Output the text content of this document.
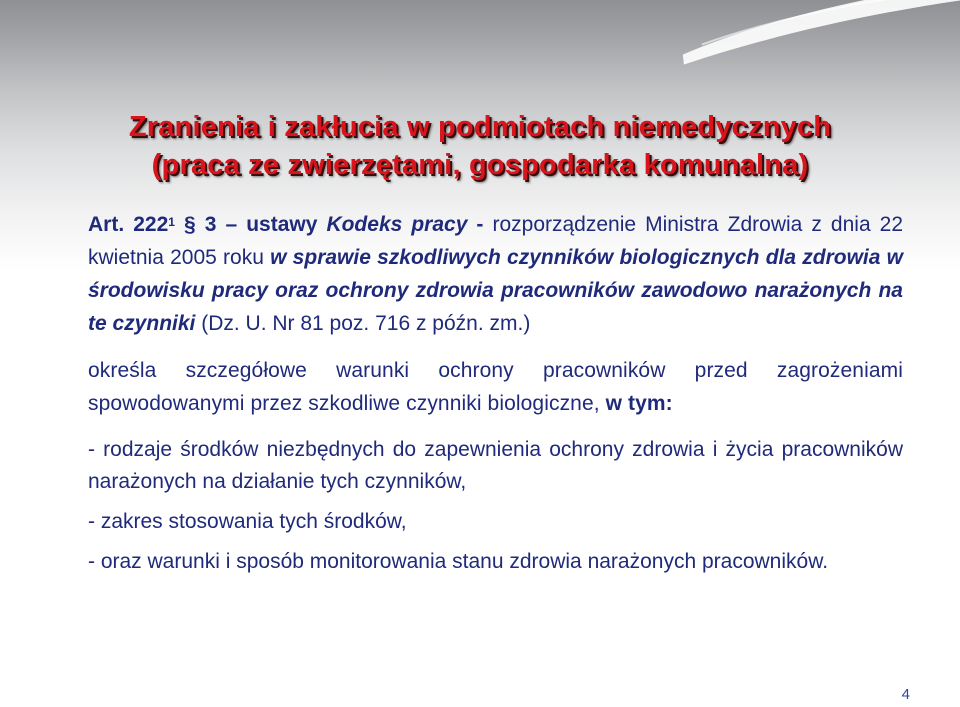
Zranienia i zakłucia w podmiotach niemedycznych
(praca ze zwierzętami, gospodarka komunalna)

Art. $222^1$ § 3 – ustawy Kodeks pracy - rozporządzenie Ministra Zdrowia z dnia 22 kwietnia 2005 roku w sprawie szkodliwych czynników biologicznych dla zdrowia w środowisku pracy oraz ochrony zdrowia pracowników zawodowo narażonych na te czynniki (Dz. U. Nr 81 poz. 716 z późn. zm.)

określa szczegółowe warunki ochrony pracowników przed zagrożeniami spowodowanymi przez szkodliwe czynniki biologiczne, w tym:

- rodzaje środków niezbędnych do zapewnienia ochrony zdrowia i życia pracowników narażonych na działanie tych czynników,

- zakres stosowania tych środków,

- oraz warunki i sposób monitorowania stanu zdrowia narażonych pracowników.

4
